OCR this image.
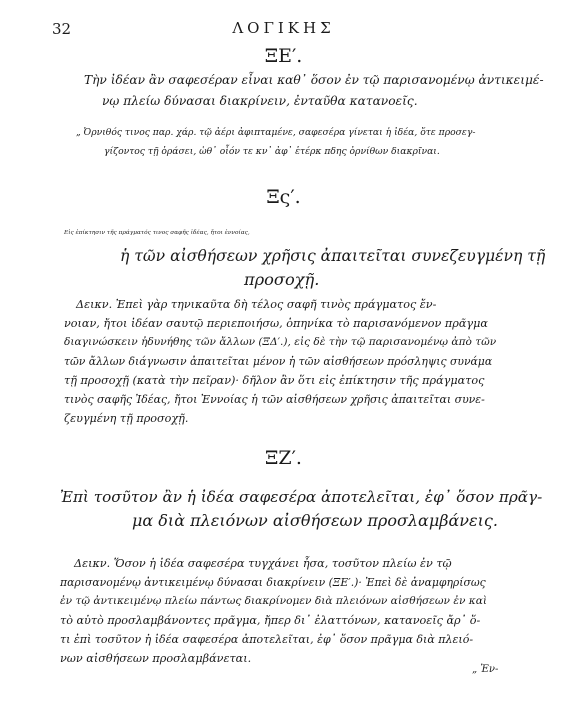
32	ΛΟΓΙΚΗΣ
ΞΕ′.
Τὴν ἰδέαν ἂν σαφεσέραν εἶναι καθ᾽ ὅσον ἐν τῷ παρισανομένῳ ἀντικειμέ-
νῳ πλείω δύνασαι διακρίνειν, ἐνταῦθα κατανοεῖς.
„ Ὀρνιθός τινος παρ. χάρ. τῷ ἀέρι ἀφιπταμένε, σαφεσέρα γίνεται ἡ ἰδέα, ὅτε προσεγ-
γίζοντος τῇ ὁράσει, ὡθ᾽ οἷόν τε κν᾽ ἀφ᾽ ἑτέρκ πδης ὀρνίθων διακρῖναι.
Ξς′.
Εἰς ἐπίκτησιν τῆς πράγματός τινος σαφῆς ἰδέας, ἤτοι ἐννοίας,
ἡ τῶν αἰσθήσεων χρῆσις ἀπαιτεῖται συνεζευγμένη τῇ
προσοχῇ.
Δεικν. Ἐπεὶ γὰρ τηνικαῦτα δὴ τέλος σαφῆ τινὸς πράγματος ἔν-
νοιαν, ἤτοι ἰδέαν σαυτῷ περιεποιήσω, ὁπηνίκα τὸ παρισανόμενον πρᾶγμα
διαγινώσκειν ἠδυνήθης τῶν ἄλλων (ΞΔ′.), εἰς δὲ τὴν τῷ παρισανομένῳ ἀπὸ τῶν
τῶν ἄλλων διάγνωσιν ἀπαιτεῖται μένον ἡ τῶν αἰσθήσεων πρόσληψις συνάμα
τῇ προσοχῇ (κατὰ τὴν πεῖραν)· δῆλον ἂν ὅτι εἰς ἐπίκτησιν τῆς πράγματος
τινὸς σαφῆς Ἰδέας, ἤτοι Ἐννοίας ἡ τῶν αἰσθήσεων χρῆσις ἀπαιτεῖται συνε-
ζευγμένη τῇ προσοχῇ.
ΞΖ′.
Ἐπὶ τοσῦτον ἂν ἡ ἰδέα σαφεσέρα ἀποτελεῖται, ἐφ᾽ ὅσον πρᾶγ-
μα διὰ πλειόνων αἰσθήσεων προσλαμβάνεις.
Δεικν. Ὅσον ἡ ἰδέα σαφεσέρα τυγχάνει ἦσα, τοσῦτον πλείω ἐν τῷ
παρισανομένῳ ἀντικειμένῳ δύνασαι διακρίνειν (ΞΕ′.)· Ἐπεὶ δὲ ἀναμφηρίσως
ἐν τῷ ἀντικειμένῳ πλείω πάντως διακρίνομεν διὰ πλειόνων αἰσθήσεων ἐν καὶ
τὸ αὐτὸ προσλαμβάνοντες πρᾶγμα, ἤπερ δι᾽ ἐλαττόνων, κατανοεῖς ἄρ᾽ ὅ-
τι ἐπὶ τοσῦτον ἡ ἰδέα σαφεσέρα ἀποτελεῖται, ἐφ᾽ ὅσον πρᾶγμα διὰ πλειό-
νων αἰσθήσεων προσλαμβάνεται.
„ Ἐν-
